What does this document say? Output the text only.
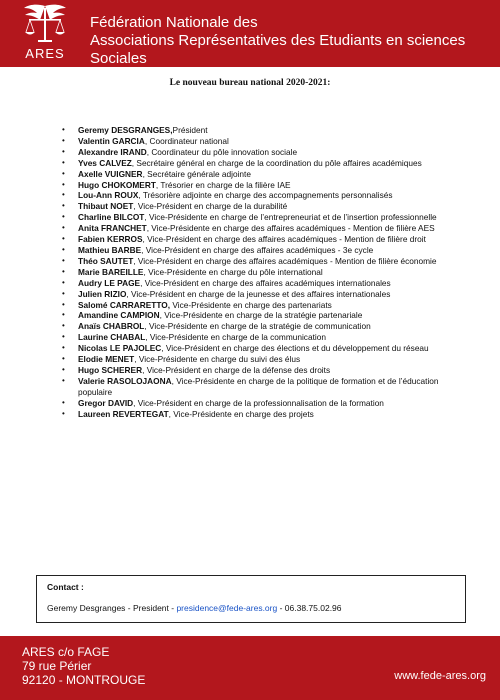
ARES
Fédération Nationale des
Associations Représentatives des Etudiants en sciences Sociales
Le nouveau bureau national 2020-2021:
• Geremy DESGRANGES,Président
• Valentin GARCIA, Coordinateur national
• Alexandre IRAND, Coordinateur du pôle innovation sociale
• Yves CALVEZ, Secrétaire général en charge de la coordination du pôle affaires académiques
• Axelle VUIGNER, Secrétaire générale adjointe
• Hugo CHOKOMERT, Trésorier en charge de la filière IAE
• Lou-Ann ROUX, Trésorière adjointe en charge des accompagnements personnalisés
• Thibaut NOET, Vice-Président en charge de la durabilité
• Charline BILCOT, Vice-Présidente en charge de l’entrepreneuriat et de l’insertion professionnelle
• Anita FRANCHET, Vice-Présidente en charge des affaires académiques - Mention de filière AES
• Fabien KERROS, Vice-Président en charge des affaires académiques - Mention de filière droit
• Mathieu BARBE, Vice-Président en charge des affaires académiques - 3e cycle
• Théo SAUTET, Vice-Président en charge des affaires académiques - Mention de filière économie
• Marie BAREILLE, Vice-Présidente en charge du pôle international
• Audry LE PAGE, Vice-Président en charge des affaires académiques internationales
• Julien RIZIO, Vice-Président en charge de la jeunesse et des affaires internationales
• Salomé CARRARETTO, Vice-Présidente en charge des partenariats
• Amandine CAMPION, Vice-Présidente en charge de la stratégie partenariale
• Anaïs CHABROL, Vice-Présidente en charge de la stratégie de communication
• Laurine CHABAL, Vice-Présidente en charge de la communication
• Nicolas LE PAJOLEC, Vice-Président en charge des élections et du développement du réseau
• Elodie MENET, Vice-Présidente en charge du suivi des élus
• Hugo SCHERER, Vice-Président en charge de la défense des droits
• Valerie RASOLOJAONA, Vice-Présidente en charge de la politique de formation et de l’éducation populaire
• Gregor DAVID, Vice-Président en charge de la professionnalisation de la formation
• Laureen REVERTEGAT, Vice-Présidente en charge des projets
Contact :
Geremy Desgranges - President - presidence@fede-ares.org - 06.38.75.02.96
ARES c/o FAGE
79 rue Périer
92120 - MONTROUGE	www.fede-ares.org
